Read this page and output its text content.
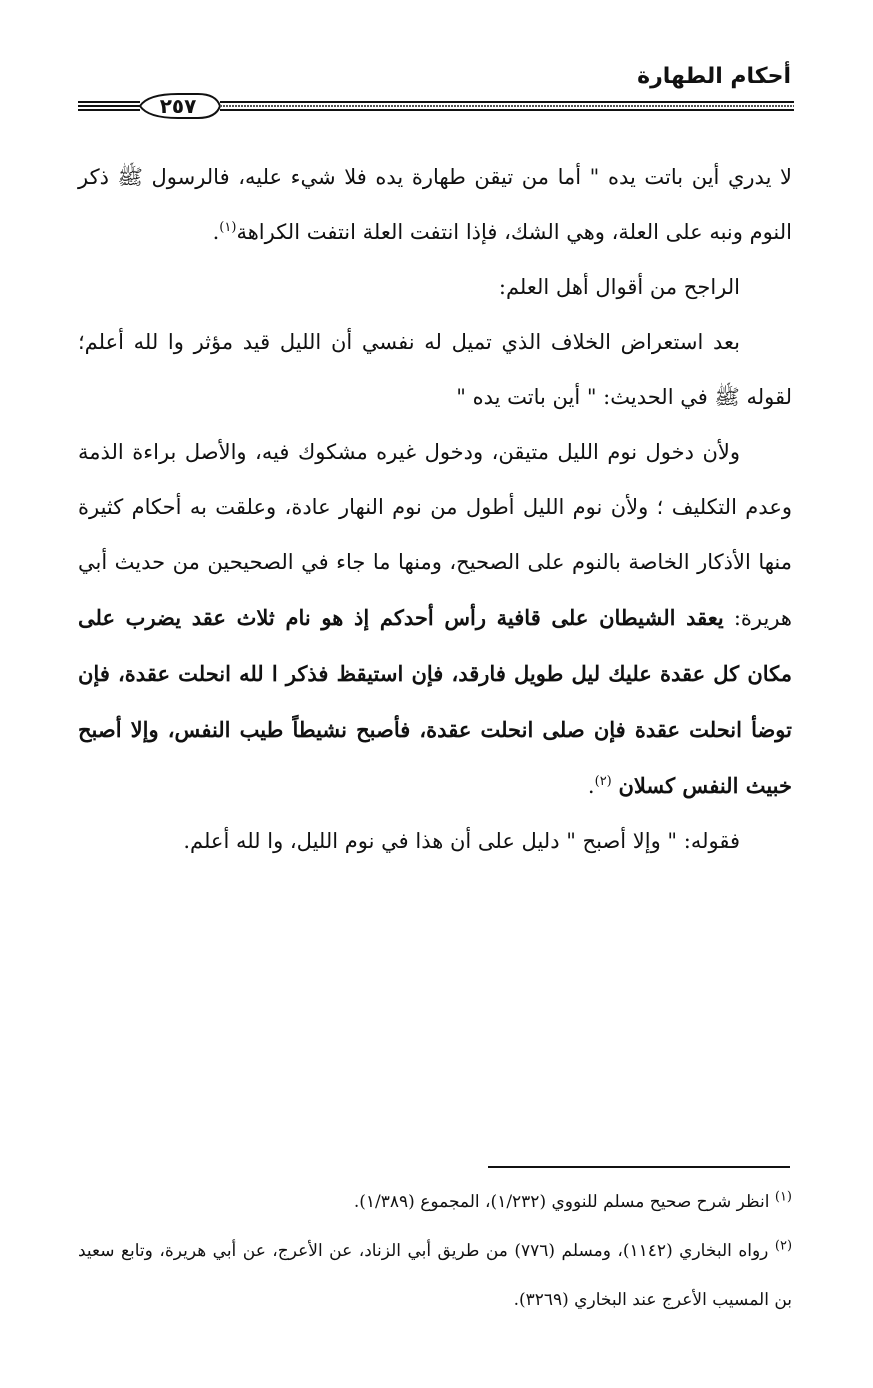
أحكام الطهارة
٢٥٧

لا يدري أين باتت يده " أما من تيقن طهارة يده فلا شيء عليه، فالرسول ﷺ ذكر النوم ونبه على العلة، وهي الشك، فإذا انتفت العلة انتفت الكراهة$^{(١)}$.

الراجح من أقوال أهل العلم:

بعد استعراض الخلاف الذي تميل له نفسي أن الليل قيد مؤثر وا لله أعلم؛ لقوله ﷺ في الحديث: " أين باتت يده "

ولأن دخول نوم الليل متيقن، ودخول غيره مشكوك فيه، والأصل براءة الذمة وعدم التكليف ؛ ولأن نوم الليل أطول من نوم النهار عادة، وعلقت به أحكام كثيرة منها الأذكار الخاصة بالنوم على الصحيح، ومنها ما جاء في الصحيحين من حديث أبي هريرة: يعقد الشيطان على قافية رأس أحدكم إذ هو نام ثلاث عقد يضرب على مكان كل عقدة عليك ليل طويل فارقد، فإن استيقظ فذكر ا لله انحلت عقدة، فإن توضأ انحلت عقدة فإن صلى انحلت عقدة، فأصبح نشيطاً طيب النفس، وإلا أصبح خبيث النفس كسلان $^{(٢)}$.

فقوله: " وإلا أصبح " دليل على أن هذا في نوم الليل، وا لله أعلم.

$^{(١)}$ انظر شرح صحيح مسلم للنووي (١/٢٣٢)، المجموع (١/٣٨٩).

$^{(٢)}$ رواه البخاري (١١٤٢)، ومسلم (٧٧٦) من طريق أبي الزناد، عن الأعرج، عن أبي هريرة، وتابع سعيد بن المسيب الأعرج عند البخاري (٣٢٦٩).
